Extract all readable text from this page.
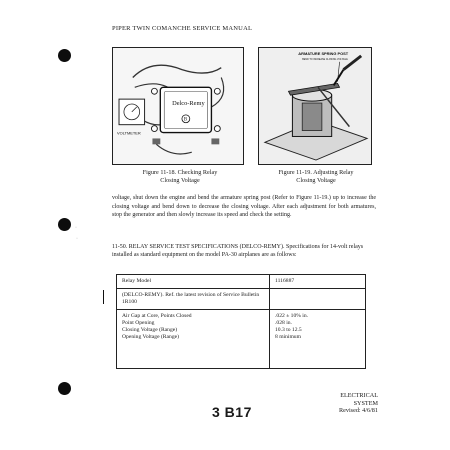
·
·
PIPER TWIN COMANCHE SERVICE MANUAL
Delco-Remy
B
VOLTMETER
Figure 11-18. Checking Relay
Closing Voltage
ARMATURE SPRING POST
BEND TO INCREASE CLOSING VOLTAGE
Figure 11-19. Adjusting Relay
Closing Voltage

voltage, shut down the engine and bend the armature spring post (Refer to Figure 11-19.) up to increase the closing voltage and bend down to decrease the closing voltage. After each adjustment for both armatures, stop the generator and then slowly increase its speed and check the setting.

11-50. RELAY SERVICE TEST SPECIFICATIONS (DELCO-REMY). Specifications for 14-volt relays installed as standard equipment on the model PA-30 airplanes are as follows:

Relay Model	1116887
(DELCO-REMY). Ref. the latest revision of Service Bulletin 1R100
Air Gap at Core, Points Closed
Point Opening
Closing Voltage (Range)
Opening Voltage (Range)
.022 ± 10% in.
.028 in.
10.3 to 12.5
8 minimum
3 B17
ELECTRICAL SYSTEM
Revised: 4/6/81
